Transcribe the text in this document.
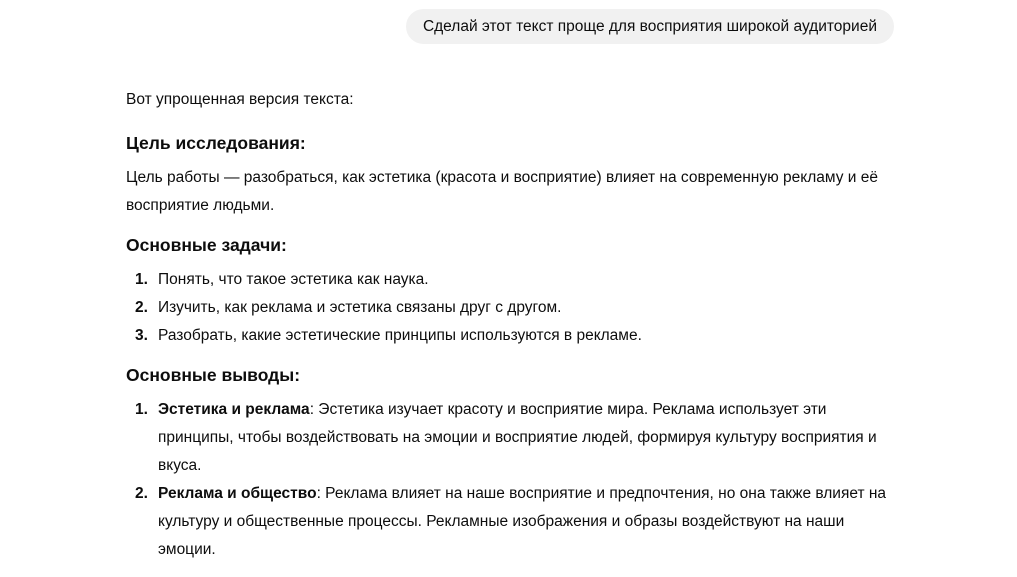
Сделай этот текст проще для восприятия широкой аудиторией

Вот упрощенная версия текста:

Цель исследования:

Цель работы — разобраться, как эстетика (красота и восприятие) влияет на современную рекламу и её восприятие людьми.

Основные задачи:
1. Понять, что такое эстетика как наука.
2. Изучить, как реклама и эстетика связаны друг с другом.
3. Разобрать, какие эстетические принципы используются в рекламе.
Основные выводы:
1. Эстетика и реклама: Эстетика изучает красоту и восприятие мира. Реклама использует эти принципы, чтобы воздействовать на эмоции и восприятие людей, формируя культуру восприятия и вкуса.
2. Реклама и общество: Реклама влияет на наше восприятие и предпочтения, но она также влияет на культуру и общественные процессы. Рекламные изображения и образы воздействуют на наши эмоции.
